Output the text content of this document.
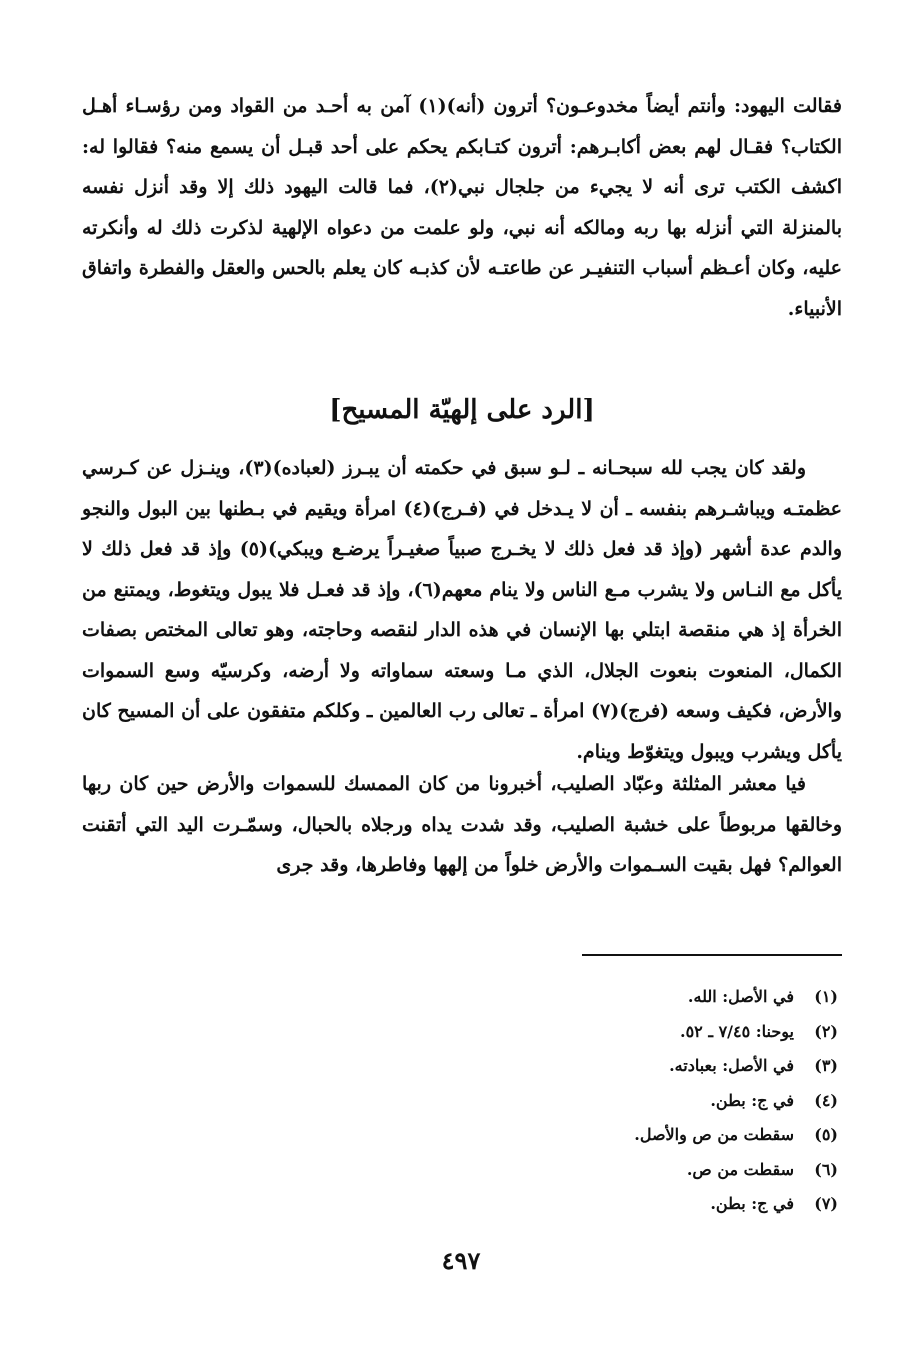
فقالت اليهود: وأنتم أيضاً مخدوعـون؟ أترون (أنه)(١) آمن به أحـد من القواد ومن رؤسـاء أهـل الكتاب؟ فقـال لهم بعض أكابـرهم: أترون كتـابكم يحكم على أحد قبـل أن يسمع منه؟ فقالوا له: اكشف الكتب ترى أنه لا يجيء من جلجال نبي(٢)، فما قالت اليهود ذلك إلا وقد أنزل نفسه بالمنزلة التي أنزله بها ربه ومالكه أنه نبي، ولو علمت من دعواه الإلهية لذكرت ذلك له وأنكرته عليه، وكان أعـظم أسباب التنفيـر عن طاعتـه لأن كذبـه كان يعلم بالحس والعقل والفطرة واتفاق الأنبياء.

[الرد على إلهيّة المسيح]

ولقد كان يجب لله سبحـانه ـ لـو سبق في حكمته أن يبـرز (لعباده)(٣)، وينـزل عن كـرسي عظمتـه ويباشـرهم بنفسه ـ أن لا يـدخل في (فـرج)(٤) امرأة ويقيم في بـطنها بين البول والنجو والدم عدة أشهر (وإذ قد فعل ذلك لا يخـرج صبياً صغيـراً يرضـع ويبكي)(٥) وإذ قد فعل ذلك لا يأكل مع النـاس ولا يشرب مـع الناس ولا ينام معهم(٦)، وإذ قد فعـل فلا يبول ويتغوط، ويمتنع من الخرأة إذ هي منقصة ابتلي بها الإنسان في هذه الدار لنقصه وحاجته، وهو تعالى المختص بصفات الكمال، المنعوت بنعوت الجلال، الذي مـا وسعته سماواته ولا أرضه، وكرسيّه وسع السموات والأرض، فكيف وسعه (فرج)(٧) امرأة ـ تعالى رب العالمين ـ وكلكم متفقون على أن المسيح كان يأكل ويشرب ويبول ويتغوّط وينام.

فيا معشر المثلثة وعبّاد الصليب، أخبرونا من كان الممسك للسموات والأرض حين كان ربها وخالقها مربوطاً على خشبة الصليب، وقد شدت يداه ورجلاه بالحبال، وسمّـرت اليد التي أتقنت العوالم؟ فهل بقيت السـموات والأرض خلواً من إلهها وفاطرها، وقد جرى

(١)
في الأصل: الله.
(٢)
يوحنا: ٧/٤٥ ـ ٥٢.
(٣)
في الأصل: بعبادته.
(٤)
في ج: بطن.
(٥)
سقطت من ص والأصل.
(٦)
سقطت من ص.
(٧)
في ج: بطن.
٤٩٧
